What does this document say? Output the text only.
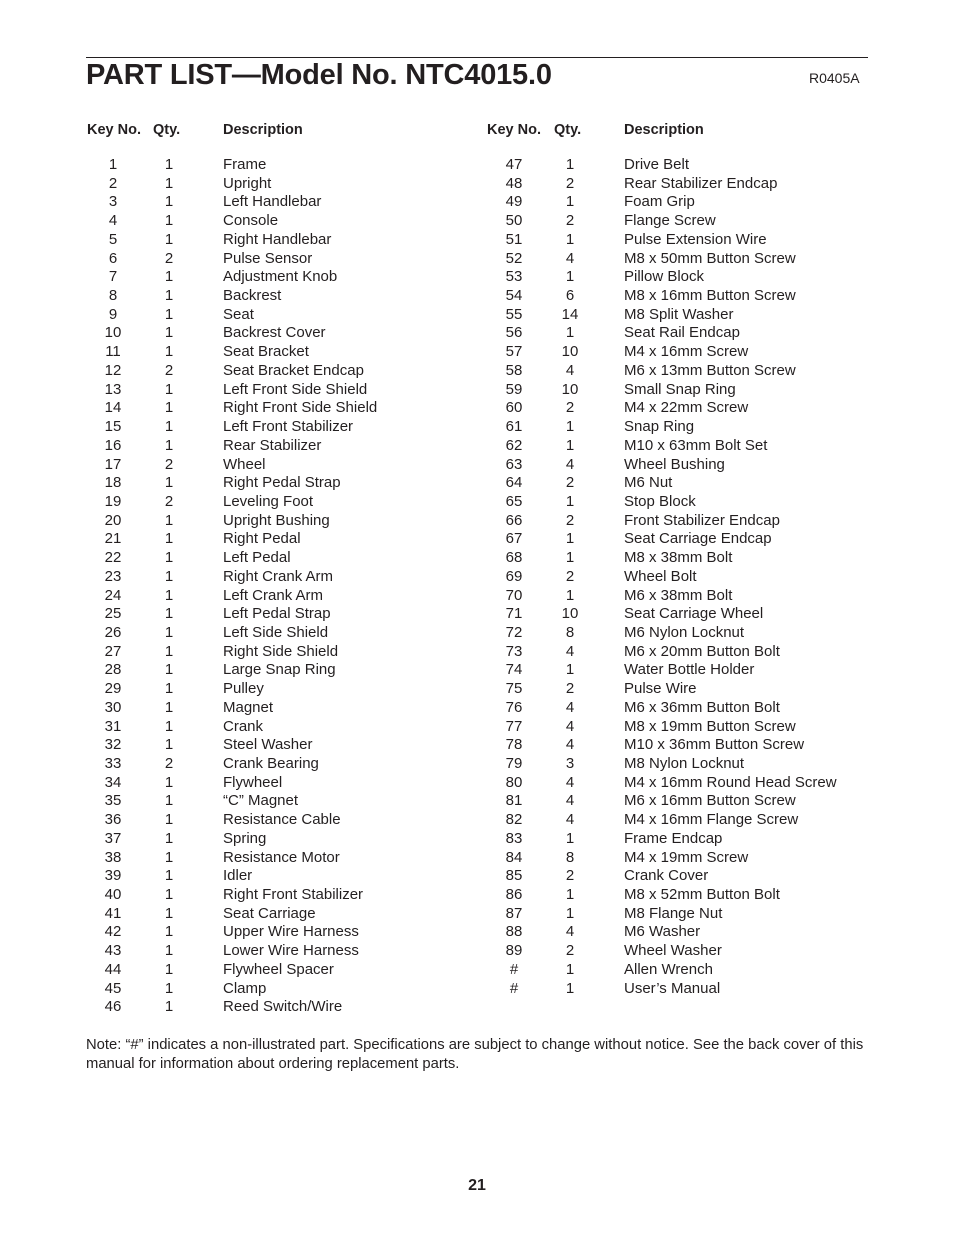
PART LIST—Model No. NTC4015.0	R0405A
Key No. Qty.	Description
1	1	Frame
2	1	Upright
3	1	Left Handlebar
4	1	Console
5	1	Right Handlebar
6	2	Pulse Sensor
7	1	Adjustment Knob
8	1	Backrest
9	1	Seat
10	1	Backrest Cover
11	1	Seat Bracket
12	2	Seat Bracket Endcap
13	1	Left Front Side Shield
14	1	Right Front Side Shield
15	1	Left Front Stabilizer
16	1	Rear Stabilizer
17	2	Wheel
18	1	Right Pedal Strap
19	2	Leveling Foot
20	1	Upright Bushing
21	1	Right Pedal
22	1	Left Pedal
23	1	Right Crank Arm
24	1	Left Crank Arm
25	1	Left Pedal Strap
26	1	Left Side Shield
27	1	Right Side Shield
28	1	Large Snap Ring
29	1	Pulley
30	1	Magnet
31	1	Crank
32	1	Steel Washer
33	2	Crank Bearing
34	1	Flywheel
35	1	“C” Magnet
36	1	Resistance Cable
37	1	Spring
38	1	Resistance Motor
39	1	Idler
40	1	Right Front Stabilizer
41	1	Seat Carriage
42	1	Upper Wire Harness
43	1	Lower Wire Harness
44	1	Flywheel Spacer
45	1	Clamp
46	1	Reed Switch/Wire
Key No. Qty.	Description
47	1	Drive Belt
48	2	Rear Stabilizer Endcap
49	1	Foam Grip
50	2	Flange Screw
51	1	Pulse Extension Wire
52	4	M8 x 50mm Button Screw
53	1	Pillow Block
54	6	M8 x 16mm Button Screw
55	14	M8 Split Washer
56	1	Seat Rail Endcap
57	10	M4 x 16mm Screw
58	4	M6 x 13mm Button Screw
59	10	Small Snap Ring
60	2	M4 x 22mm Screw
61	1	Snap Ring
62	1	M10 x 63mm Bolt Set
63	4	Wheel Bushing
64	2	M6 Nut
65	1	Stop Block
66	2	Front Stabilizer Endcap
67	1	Seat Carriage Endcap
68	1	M8 x 38mm Bolt
69	2	Wheel Bolt
70	1	M6 x 38mm Bolt
71	10	Seat Carriage Wheel
72	8	M6 Nylon Locknut
73	4	M6 x 20mm Button Bolt
74	1	Water Bottle Holder
75	2	Pulse Wire
76	4	M6 x 36mm Button Bolt
77	4	M8 x 19mm Button Screw
78	4	M10 x 36mm Button Screw
79	3	M8 Nylon Locknut
80	4	M4 x 16mm Round Head Screw
81	4	M6 x 16mm Button Screw
82	4	M4 x 16mm Flange Screw
83	1	Frame Endcap
84	8	M4 x 19mm Screw
85	2	Crank Cover
86	1	M8 x 52mm Button Bolt
87	1	M8 Flange Nut
88	4	M6 Washer
89	2	Wheel Washer
#	1	Allen Wrench
#	1	User’s Manual
Note: “#” indicates a non-illustrated part. Specifications are subject to change without notice. See the back cover of this manual for information about ordering replacement parts.
21
